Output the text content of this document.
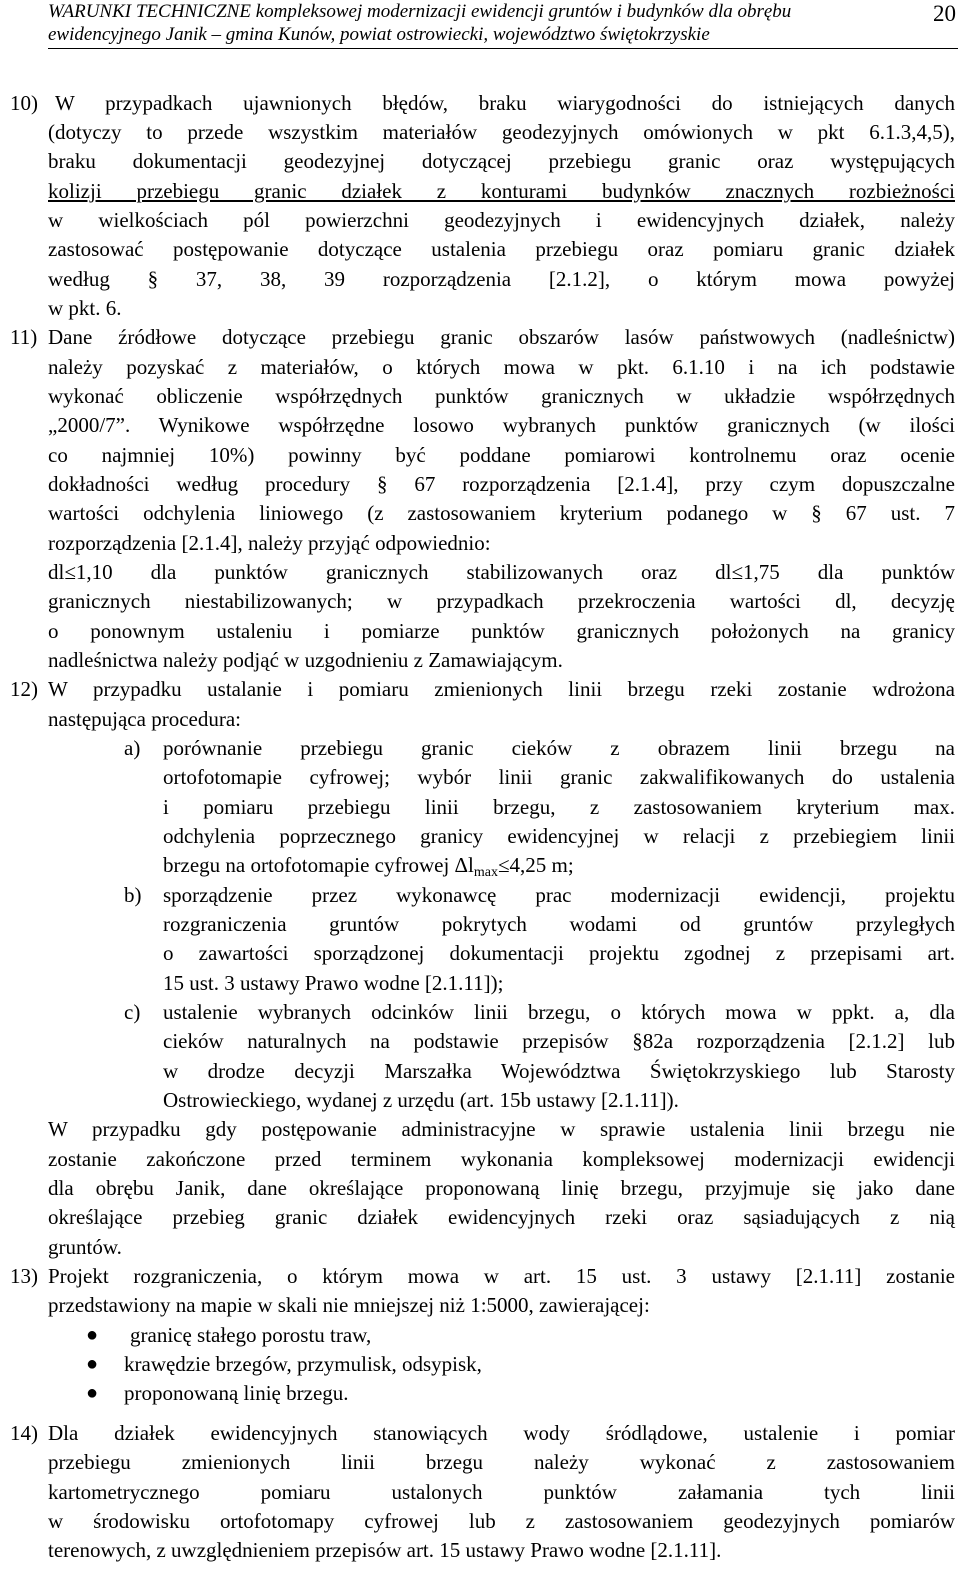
WARUNKI TECHNICZNE kompleksowej modernizacji ewidencji gruntów i budynków dla obrębu
ewidencyjnego Janik – gmina Kunów, powiat ostrowiecki, województwo świętokrzyskie
20
10) W przypadkach ujawnionych błędów, braku wiarygodności do istniejących danych
(dotyczy to przede wszystkim materiałów geodezyjnych omówionych w pkt 6.1.3,4,5),
braku dokumentacji geodezyjnej dotyczącej przebiegu granic oraz występujących
kolizji przebiegu granic działek z konturami budynków znacznych rozbieżności
w wielkościach pól powierzchni geodezyjnych i ewidencyjnych działek, należy
zastosować postępowanie dotyczące ustalenia przebiegu oraz pomiaru granic działek
według § 37, 38, 39 rozporządzenia [2.1.2], o którym mowa powyżej
w pkt. 6.
11) Dane źródłowe dotyczące przebiegu granic obszarów lasów państwowych (nadleśnictw)
należy pozyskać z materiałów, o których mowa w pkt. 6.1.10 i na ich podstawie
wykonać obliczenie współrzędnych punktów granicznych w układzie współrzędnych
„2000/7”. Wynikowe współrzędne losowo wybranych punktów granicznych (w ilości
co najmniej 10%) powinny być poddane pomiarowi kontrolnemu oraz ocenie
dokładności według procedury § 67 rozporządzenia [2.1.4], przy czym dopuszczalne
wartości odchylenia liniowego (z zastosowaniem kryterium podanego w § 67 ust. 7
rozporządzenia [2.1.4], należy przyjąć odpowiednio:
dl≤1,10 dla punktów granicznych stabilizowanych oraz dl≤1,75 dla punktów
granicznych niestabilizowanych; w przypadkach przekroczenia wartości dl, decyzję
o ponownym ustaleniu i pomiarze punktów granicznych położonych na granicy
nadleśnictwa należy podjąć w uzgodnieniu z Zamawiającym.
12) W przypadku ustalanie i pomiaru zmienionych linii brzegu rzeki zostanie wdrożona
następująca procedura:
a) porównanie przebiegu granic cieków z obrazem linii brzegu na
ortofotomapie cyfrowej; wybór linii granic zakwalifikowanych do ustalenia
i pomiaru przebiegu linii brzegu, z zastosowaniem kryterium max.
odchylenia poprzecznego granicy ewidencyjnej w relacji z przebiegiem linii
brzegu na ortofotomapie cyfrowej $\Delta l_{max}\le 4,25$ m;
b) sporządzenie przez wykonawcę prac modernizacji ewidencji, projektu
rozgraniczenia gruntów pokrytych wodami od gruntów przyległych
o zawartości sporządzonej dokumentacji projektu zgodnej z przepisami art.
15 ust. 3 ustawy Prawo wodne [2.1.11]);
c) ustalenie wybranych odcinków linii brzegu, o których mowa w ppkt. a, dla
cieków naturalnych na podstawie przepisów §82a rozporządzenia [2.1.2] lub
w drodze decyzji Marszałka Województwa Świętokrzyskiego lub Starosty
Ostrowieckiego, wydanej z urzędu (art. 15b ustawy [2.1.11]).
W przypadku gdy postępowanie administracyjne w sprawie ustalenia linii brzegu nie
zostanie zakończone przed terminem wykonania kompleksowej modernizacji ewidencji
dla obrębu Janik, dane określające proponowaną linię brzegu, przyjmuje się jako dane
określające przebieg granic działek ewidencyjnych rzeki oraz sąsiadujących z nią
gruntów.
13) Projekt rozgraniczenia, o którym mowa w art. 15 ust. 3 ustawy [2.1.11] zostanie
przedstawiony na mapie w skali nie mniejszej niż 1:5000, zawierającej:
● granicę stałego porostu traw,
● krawędzie brzegów, przymulisk, odsypisk,
● proponowaną linię brzegu.
14) Dla działek ewidencyjnych stanowiących wody śródlądowe, ustalenie i pomiar
przebiegu zmienionych linii brzegu należy wykonać z zastosowaniem
kartometrycznego pomiaru ustalonych punktów załamania tych linii
w środowisku ortofotomapy cyfrowej lub z zastosowaniem geodezyjnych pomiarów
terenowych, z uwzględnieniem przepisów art. 15 ustawy Prawo wodne [2.1.11].
